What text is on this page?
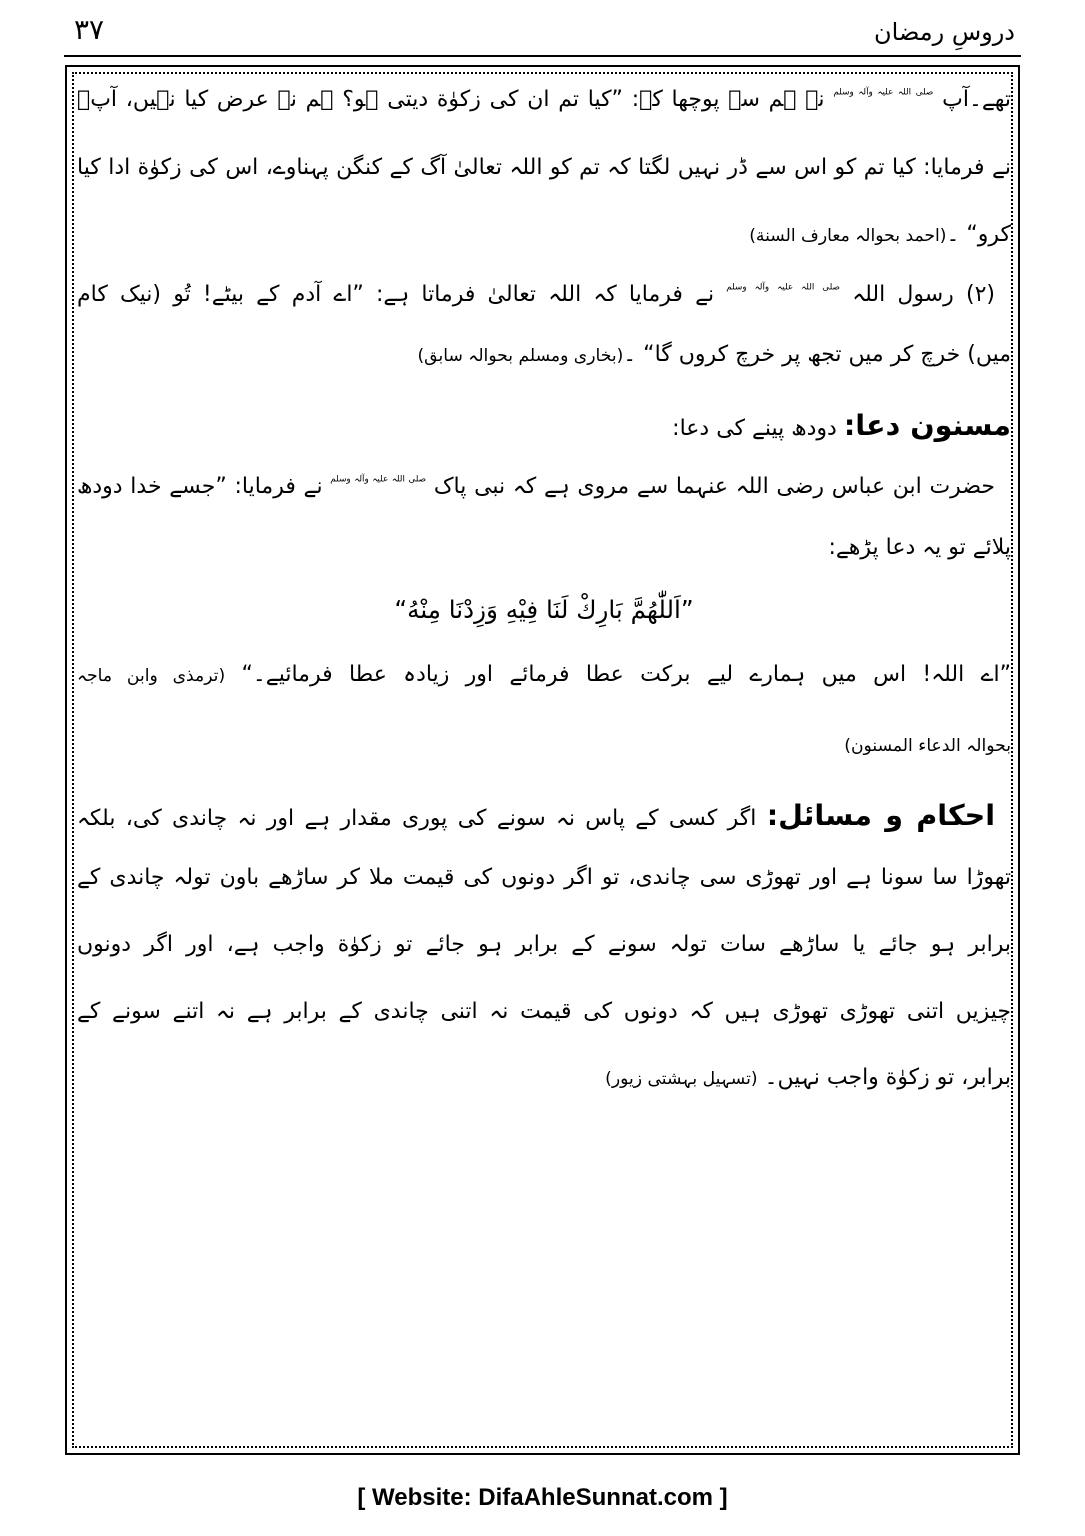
۳۷	دروسِ رمضان
تھے۔آپ $^{صلی اللہ علیہ وآلہ وسلم}$ نے ہم سے پوچھا کہ: ”کیا تم ان کی زکوٰة دیتی ہو؟ ہم نے عرض کیا نہیں، آپؐ
نے فرمایا: کیا تم کو اس سے ڈر نہیں لگتا کہ تم کو اللہ تعالیٰ آگ کے کنگن پہناوے، اس کی زکوٰة ادا کیا
کرو“ ۔(احمد بحوالہ معارف السنة)
(۲) رسول اللہ $^{صلی اللہ علیہ وآلہ وسلم}$ نے فرمایا کہ اللہ تعالیٰ فرماتا ہے: ”اے آدم کے بیٹے! تُو (نیک کام
میں) خرچ کر میں تجھ پر خرچ کروں گا“ ۔(بخاری ومسلم بحوالہ سابق)
مسنون دعا: دودھ پینے کی دعا:
حضرت ابن عباس رضی اللہ عنہما سے مروی ہے کہ نبی پاک $^{صلی اللہ علیہ وآلہ وسلم}$ نے فرمایا: ”جسے خدا دودھ
پلائے تو یہ دعا پڑھے:
”اَللّٰهُمَّ بَارِكْ لَنَا فِيْهِ وَزِدْنَا مِنْهُ“
”اے اللہ! اس میں ہمارے لیے برکت عطا فرمائے اور زیادہ عطا فرمائیے۔“ (ترمذی وابن ماجہ
بحوالہ الدعاء المسنون)
احکام و مسائل: اگر کسی کے پاس نہ سونے کی پوری مقدار ہے اور نہ چاندی کی، بلکہ
تھوڑا سا سونا ہے اور تھوڑی سی چاندی، تو اگر دونوں کی قیمت ملا کر ساڑھے باون تولہ چاندی کے
برابر ہو جائے یا ساڑھے سات تولہ سونے کے برابر ہو جائے تو زکوٰة واجب ہے، اور اگر دونوں
چیزیں اتنی تھوڑی تھوڑی ہیں کہ دونوں کی قیمت نہ اتنی چاندی کے برابر ہے نہ اتنے سونے کے
برابر، تو زکوٰة واجب نہیں۔ (تسہیل بہشتی زیور)
[ Website: DifaAhleSunnat.com ]
